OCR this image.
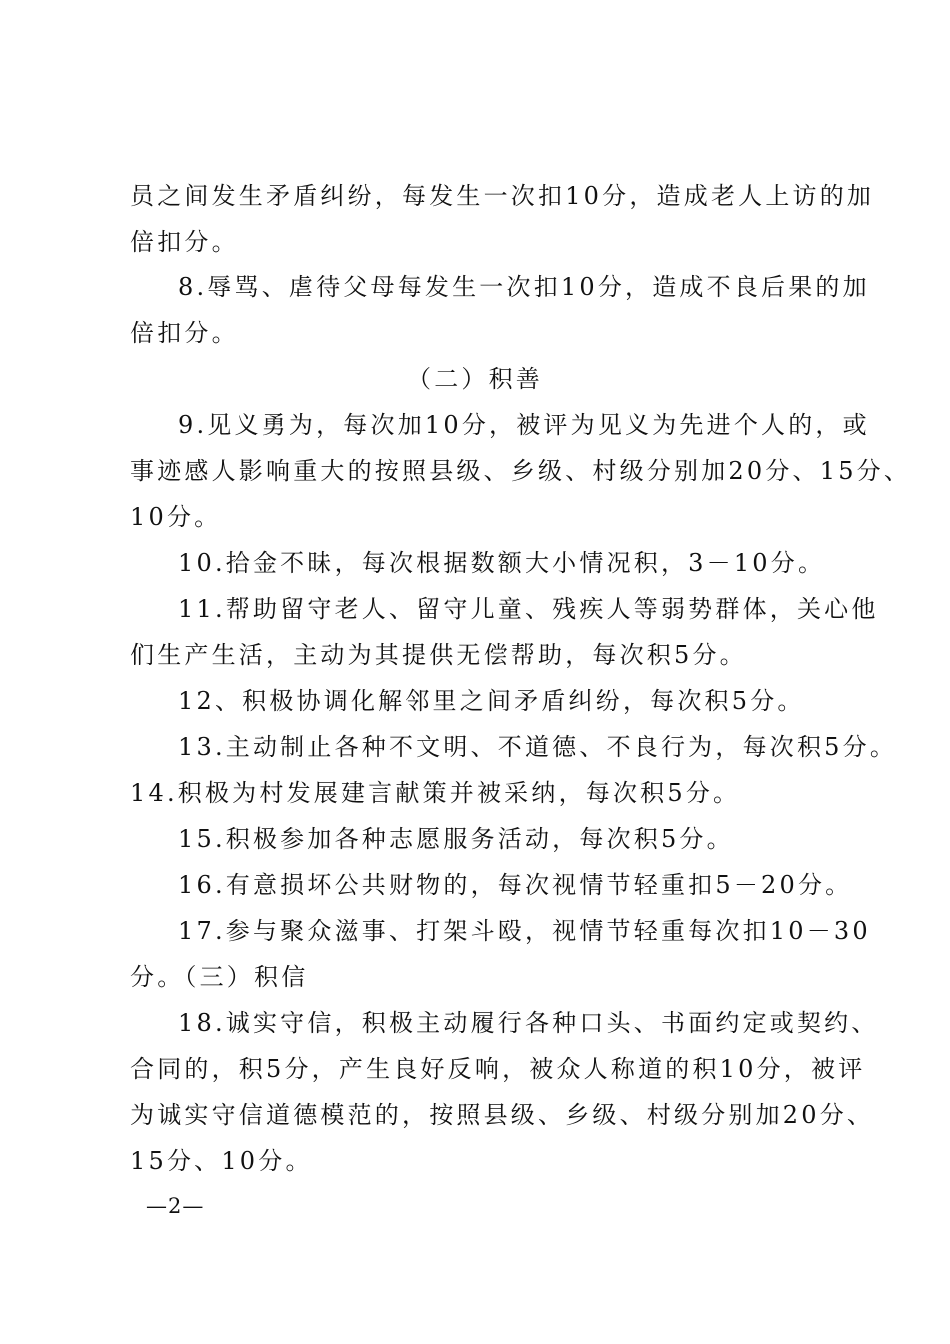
员之间发生矛盾纠纷，每发生一次扣10分，造成老人上访的加
倍扣分。
8.辱骂、虐待父母每发生一次扣10分，造成不良后果的加
倍扣分。
（二）积善
9.见义勇为，每次加10分，被评为见义为先进个人的，或
事迹感人影响重大的按照县级、乡级、村级分别加20分、15分、
10分。
10.拾金不昧，每次根据数额大小情况积，3－10分。
11.帮助留守老人、留守儿童、残疾人等弱势群体，关心他
们生产生活，主动为其提供无偿帮助，每次积5分。
12、积极协调化解邻里之间矛盾纠纷，每次积5分。
13.主动制止各种不文明、不道德、不良行为，每次积5分。
14.积极为村发展建言献策并被采纳，每次积5分。
15.积极参加各种志愿服务活动，每次积5分。
16.有意损坏公共财物的，每次视情节轻重扣5－20分。
17.参与聚众滋事、打架斗殴，视情节轻重每次扣10－30
分。（三）积信
18.诚实守信，积极主动履行各种口头、书面约定或契约、
合同的，积5分，产生良好反响，被众人称道的积10分，被评
为诚实守信道德模范的，按照县级、乡级、村级分别加20分、
15分、10分。
—2—
